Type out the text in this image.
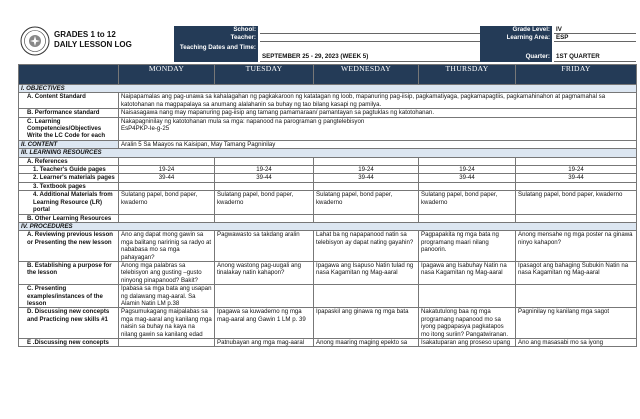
GRADES 1 to 12
DAILY LESSON LOG
School:	Grade Level: IV
Teacher:	Learning Area: ESP
Teaching Dates and Time:
SEPTEMBER 25 - 29, 2023 (WEEK 5)	Quarter: 1ST QUARTER
	MONDAY	TUESDAY	WEDNESDAY	THURSDAY	FRIDAY
I. OBJECTIVES					
A. Content Standard	Naipapamalas ang pag-unawa sa kahalagahan ng pagkakaroon ng katatagan ng loob, mapanuring pag-iisip, pagkamatiyaga, pagkamapagtiis, pagkamahinahon at pagmamahal sa katotohanan na magpapalaya sa anumang alalahanin sa buhay ng tao bilang kasapi ng pamilya.				
B. Performance standard	Naisasagawa nang may mapanuring pag-iisip ang tamang pamamaraan/ pamantayan sa pagtuklas ng katotohanan.				
C. Learning Competencies/Objectives Write the LC Code for each	Nakapagninilay ng katotohanan mula sa mga: napanood na parograman g pangtelebisyon
EsP4PKP-Ie-g-25				

II. CONTENT	Aralin 5 Sa Maayos na Kaisipan, May Tamang Pagninilay				
III. LEARNING RESOURCES					
A. References					
1. Teacher's Guide pages	19-24	19-24	19-24	19-24	19-24
2. Learner's materials pages	39-44	39-44	39-44	39-44	39-44
3. Textbook pages					
4. Additional Materials from Learning Resource (LR) portal	Sulatang papel, bond paper, kwaderno	Sulatang papel, bond paper, kwaderno	Sulatang papel, bond paper, kwaderno	Sulatang papel, bond paper, kwaderno	Sulatang papel, bond paper, kwaderno
B. Other Learning Resources					
IV. PROCEDURES					
A. Reviewing previous lesson or Presenting the new lesson	Ano ang dapat mong gawin sa mga balitang naririnig sa radyo at nababasa mo sa mga pahayagan?	Pagwawasto sa takdang aralin	Lahat ba ng napapanood natin sa telebisyon ay dapat nating gayahin?	Pagpapakita ng mga bata ng programang maari nilang panoorin.	Anong mensahe ng mga poster na ginawa ninyo kahapon?
B. Establishing a purpose for the lesson	Anong mga palabras sa telebisyon ang gusting –gusto ninyong pinapanood? Bakit?	Anong wastong pag-uugali ang tinalakay natin kahapon?	Ipagawa ang Isapuso Natin tulad ng nasa Kagamitan ng Mag-aaral	Ipagawa ang Isabuhay Natin na nasa Kagamitan ng Mag-aaral	Ipasagot ang bahaging Subukin Natin na nasa Kagamitan ng Mag-aaral
C. Presenting examples/instances of the lesson	Ipabasa sa mga bata ang usapan ng dalawang mag-aaral. Sa Alamin Natin LM p.38				
D. Discussing new concepts and Practicing new skills #1	Pagsumukagang maipalabas sa mga mag-aaral ang kanilang mga naisin sa buhay na kaya na nilang gawin sa kanilang edad	Ipagawa sa kuwaderno ng mga mag-aaral ang Gawin 1 LM p. 39	Ipapaskil ang ginawa ng mga bata	Nakatutulong baa ng mga programang napanood mo sa iyong pagpapasya pagkatapos mo itong suriin? Pangatwiranan.	Pagninilay ng kanilang mga sagot
E .Discussing new concepts		Patnubayan ang mga mag-aaral	Anong maaring maging epekto sa	Isakatuparan ang proseso upang	Ano ang masasabi mo sa iyong
